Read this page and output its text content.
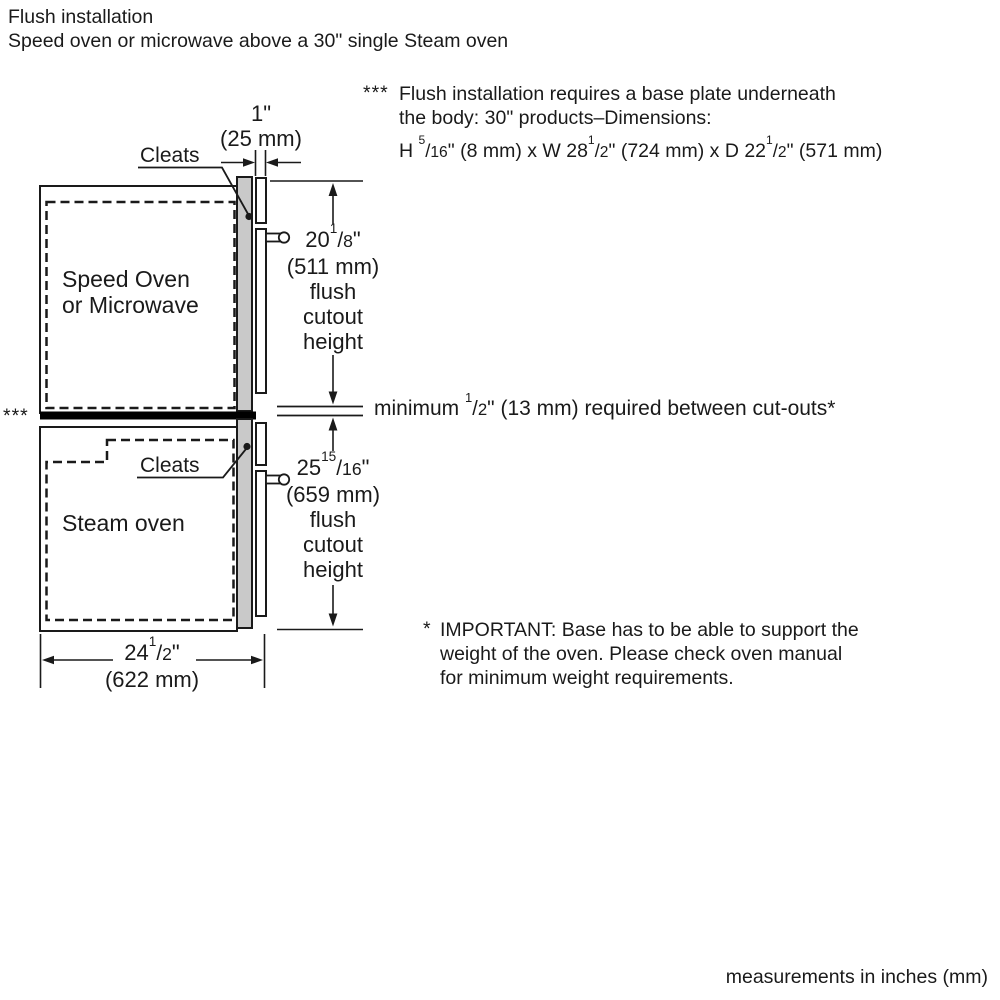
Flush installation
Speed oven or microwave above a 30" single Steam oven
*** Flush installation requires a base plate underneath
the body: 30" products–Dimensions:
H $^5$/16" (8 mm) x W $28^1/2$" (724 mm) x D $22^1/2$" (571 mm)
1"
(25 mm)
Cleats
Cleats
Speed Oven
or Microwave
Steam oven
$20^1/8$"
(511 mm)
flush
cutout
height
minimum $^1$/2" (13 mm) required between cut-outs*
***
$25^{15}/16$"
(659 mm)
flush
cutout
height
$24^1/2$"
(622 mm)
* IMPORTANT: Base has to be able to support the
weight of the oven. Please check oven manual
for minimum weight requirements.
measurements in inches (mm)
